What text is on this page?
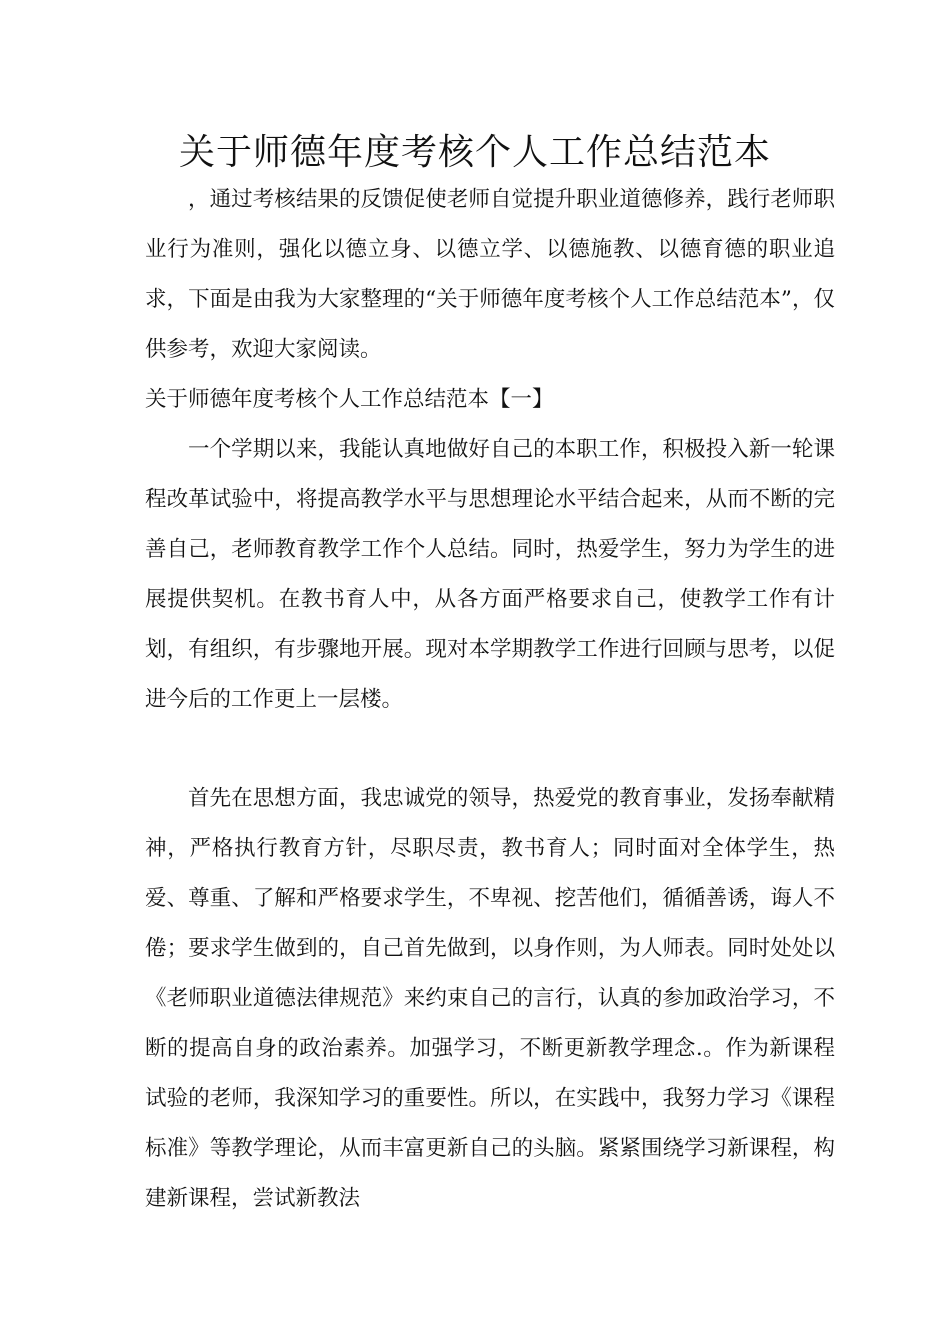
关于师德年度考核个人工作总结范本

，通过考核结果的反馈促使老师自觉提升职业道德修养，践行老师职业行为准则，强化以德立身、以德立学、以德施教、以德育德的职业追求，下面是由我为大家整理的“关于师德年度考核个人工作总结范本”，仅供参考，欢迎大家阅读。

关于师德年度考核个人工作总结范本【一】

一个学期以来，我能认真地做好自己的本职工作，积极投入新一轮课程改革试验中，将提高教学水平与思想理论水平结合起来，从而不断的完善自己，老师教育教学工作个人总结。同时，热爱学生，努力为学生的进展提供契机。在教书育人中，从各方面严格要求自己，使教学工作有计划，有组织，有步骤地开展。现对本学期教学工作进行回顾与思考，以促进今后的工作更上一层楼。

首先在思想方面，我忠诚党的领导，热爱党的教育事业，发扬奉献精神，严格执行教育方针，尽职尽责，教书育人；同时面对全体学生，热爱、尊重、了解和严格要求学生，不卑视、挖苦他们，循循善诱，诲人不倦；要求学生做到的，自己首先做到，以身作则，为人师表。同时处处以《老师职业道德法律规范》来约束自己的言行，认真的参加政治学习，不断的提高自身的政治素养。加强学习，不断更新教学理念.。作为新课程试验的老师，我深知学习的重要性。所以，在实践中，我努力学习《课程标准》等教学理论，从而丰富更新自己的头脑。紧紧围绕学习新课程，构建新课程，尝试新教法
